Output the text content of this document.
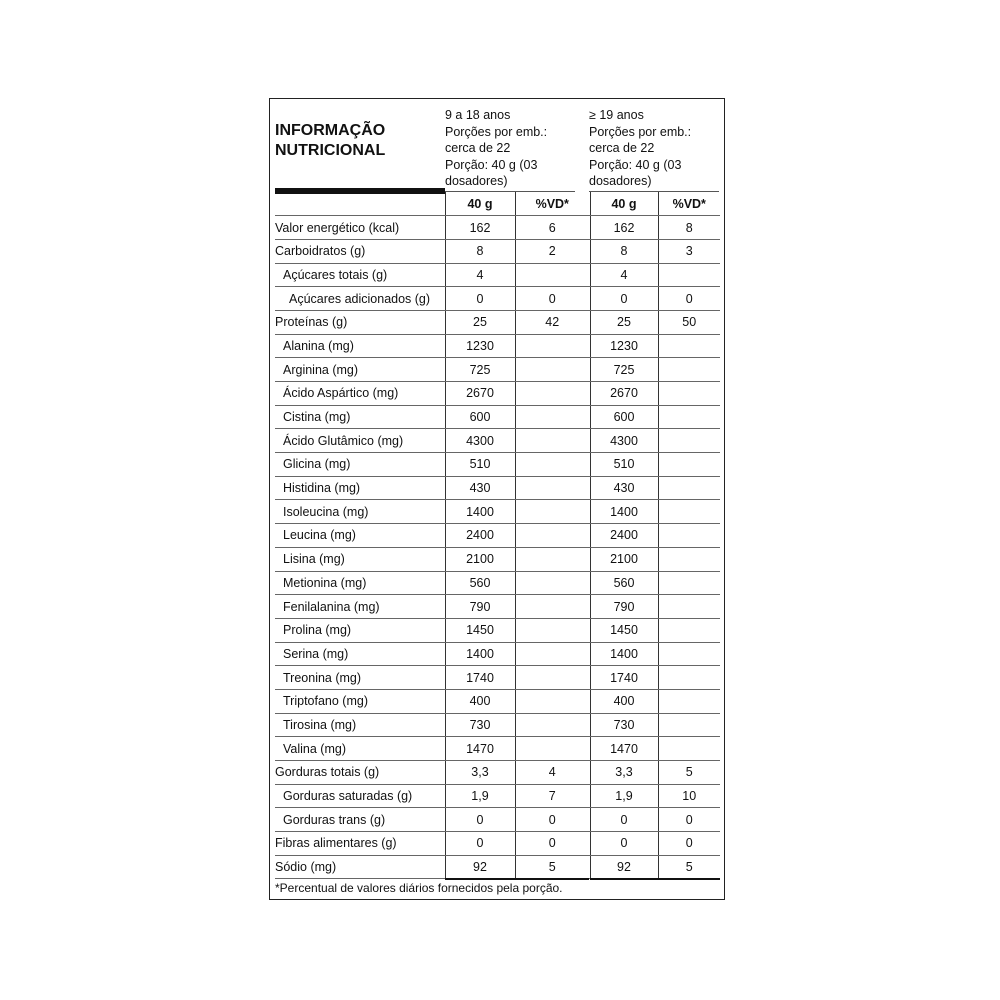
INFORMAÇÃO
NUTRICIONAL
9 a 18 anos
Porções por emb.:
cerca de 22
Porção: 40 g (03
dosadores)
≥ 19 anos
Porções por emb.:
cerca de 22
Porção: 40 g (03
dosadores)
	40 g	%VD*		40 g	%VD*
Valor energético (kcal)	162	6		162	8
Carboidratos (g)	8	2		8	3
Açúcares totais (g)	4			4	
Açúcares adicionados (g)	0	0		0	0
Proteínas (g)	25	42		25	50
Alanina (mg)	1230			1230	
Arginina (mg)	725			725	
Ácido Aspártico (mg)	2670			2670	
Cistina (mg)	600			600	
Ácido Glutâmico (mg)	4300			4300	
Glicina (mg)	510			510	
Histidina (mg)	430			430	
Isoleucina (mg)	1400			1400	
Leucina (mg)	2400			2400	
Lisina (mg)	2100			2100	
Metionina (mg)	560			560	
Fenilalanina (mg)	790			790	
Prolina (mg)	1450			1450	
Serina (mg)	1400			1400	
Treonina (mg)	1740			1740	
Triptofano (mg)	400			400	
Tirosina (mg)	730			730	
Valina (mg)	1470			1470	
Gorduras totais (g)	3,3	4		3,3	5
Gorduras saturadas (g)	1,9	7		1,9	10
Gorduras trans (g)	0	0		0	0
Fibras alimentares (g)	0	0		0	0
Sódio (mg)	92	5		92	5
*Percentual de valores diários fornecidos pela porção.
